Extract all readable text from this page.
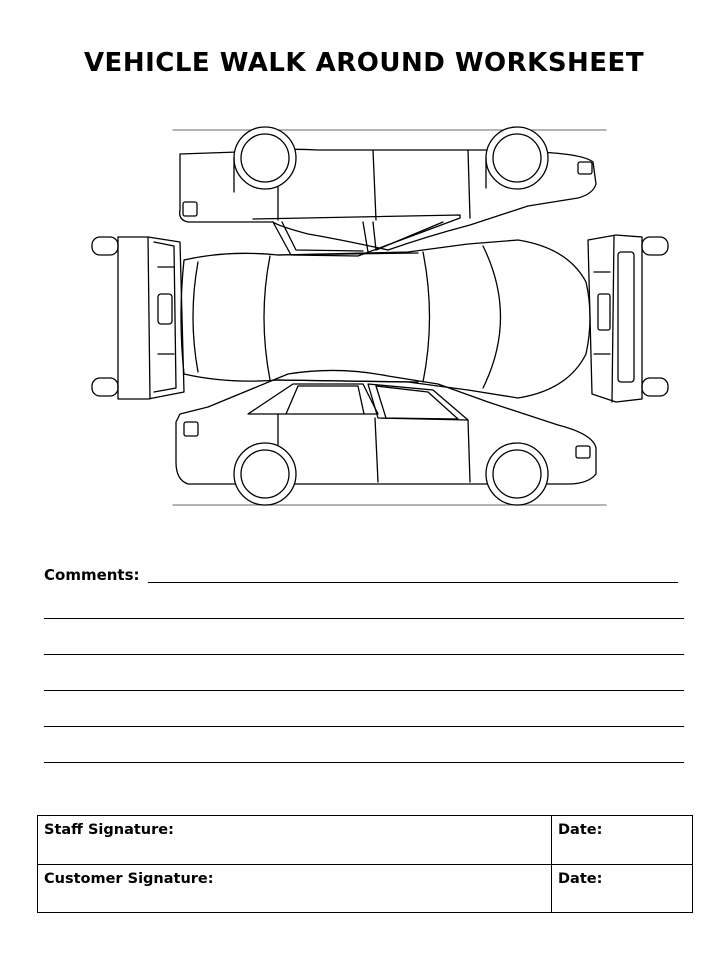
VEHICLE WALK AROUND WORKSHEET
Comments:
Staff Signature:	Date:
Customer Signature:	Date:
